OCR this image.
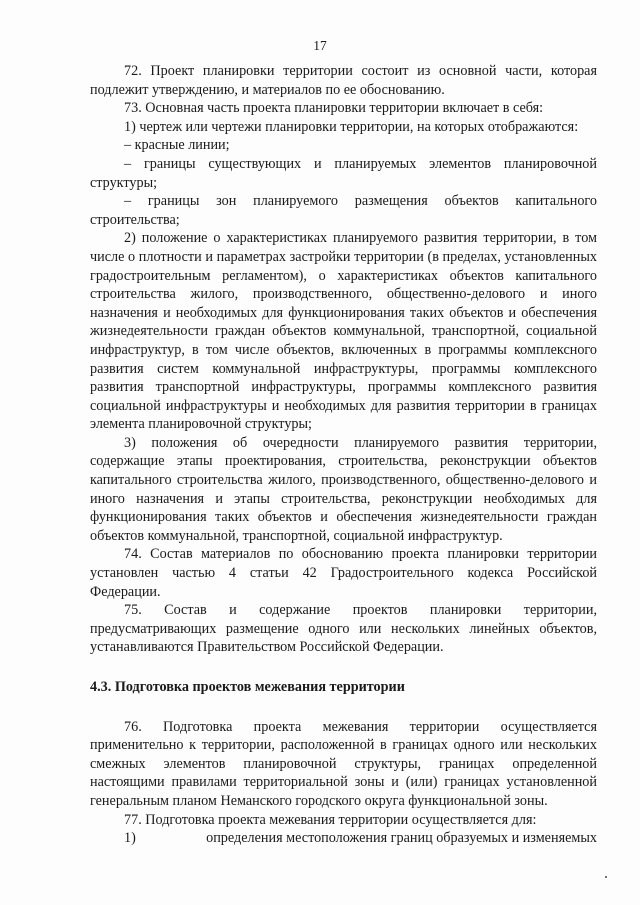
17

72. Проект планировки территории состоит из основной части, которая подлежит утверждению, и материалов по ее обоснованию.

73. Основная часть проекта планировки территории включает в себя:

1) чертеж или чертежи планировки территории, на которых отображаются:

– красные линии;

– границы существующих и планируемых элементов планировочной структуры;

– границы зон планируемого размещения объектов капитального строительства;

2) положение о характеристиках планируемого развития территории, в том числе о плотности и параметрах застройки территории (в пределах, установленных градостроительным регламентом), о характеристиках объектов капитального строительства жилого, производственного, общественно-делового и иного назначения и необходимых для функционирования таких объектов и обеспечения жизнедеятельности граждан объектов коммунальной, транспортной, социальной инфраструктур, в том числе объектов, включенных в программы комплексного развития систем коммунальной инфраструктуры, программы комплексного развития транспортной инфраструктуры, программы комплексного развития социальной инфраструктуры и необходимых для развития территории в границах элемента планировочной структуры;

3) положения об очередности планируемого развития территории, содержащие этапы проектирования, строительства, реконструкции объектов капитального строительства жилого, производственного, общественно-делового и иного назначения и этапы строительства, реконструкции необходимых для функционирования таких объектов и обеспечения жизнедеятельности граждан объектов коммунальной, транспортной, социальной инфраструктур.

74. Состав материалов по обоснованию проекта планировки территории установлен частью 4 статьи 42 Градостроительного кодекса Российской Федерации.

75. Состав и содержание проектов планировки территории, предусматривающих размещение одного или нескольких линейных объектов, устанавливаются Правительством Российской Федерации.

4.3. Подготовка проектов межевания территории

76. Подготовка проекта межевания территории осуществляется применительно к территории, расположенной в границах одного или нескольких смежных элементов планировочной структуры, границах определенной настоящими правилами территориальной зоны и (или) границах установленной генеральным планом Неманского городского округа функциональной зоны.

77. Подготовка проекта межевания территории осуществляется для:

1)	определения местоположения границ образуемых и изменяемых
